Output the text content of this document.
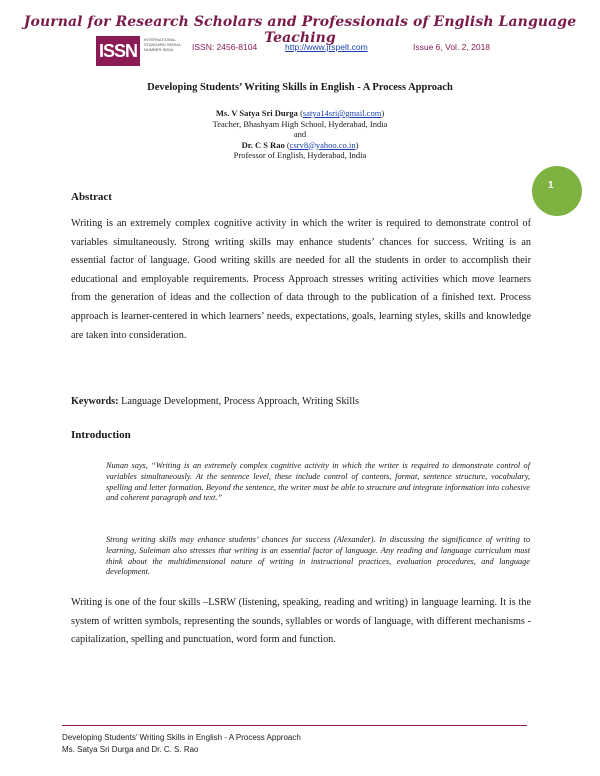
Journal for Research Scholars and Professionals of English Language Teaching
ISSN
INTERNATIONAL STANDARD SERIAL NUMBER INDIA	ISSN: 2456-8104	http://www.jrspelt.com	Issue 6, Vol. 2, 2018
Developing Students’ Writing Skills in English - A Process Approach
Ms. V Satya Sri Durga (satya14sri@gmail.com)
Teacher, Bhashyam High School, Hyderabad, India
and
Dr. C S Rao (csrv8@yahoo.co.in)
Professor of English, Hyderabad, India
Abstract
1
Writing is an extremely complex cognitive activity in which the writer is required to demonstrate control of variables simultaneously. Strong writing skills may enhance students’ chances for success. Writing is an essential factor of language. Good writing skills are needed for all the students in order to accomplish their educational and employable requirements. Process Approach stresses writing activities which move learners from the generation of ideas and the collection of data through to the publication of a finished text. Process approach is learner-centered in which learners’ needs, expectations, goals, learning styles, skills and knowledge are taken into consideration.
Keywords: Language Development, Process Approach, Writing Skills
Introduction
Nunan says, “Writing is an extremely complex cognitive activity in which the writer is required to demonstrate control of variables simultaneously. At the sentence level, these include control of contents, format, sentence structure, vocabulary, spelling and letter formation. Beyond the sentence, the writer must be able to structure and integrate information into cohesive and coherent paragraph and text.”
Strong writing skills may enhance students’ chances for success (Alexander). In discussing the significance of writing to learning, Suleiman also stresses that writing is an essential factor of language. Any reading and language curriculum must think about the multidimensional nature of writing in instructional practices, evaluation procedures, and language development.
Writing is one of the four skills –LSRW (listening, speaking, reading and writing) in language learning. It is the system of written symbols, representing the sounds, syllables or words of language, with different mechanisms - capitalization, spelling and punctuation, word form and function.
Developing Students’ Writing Skills in English - A Process Approach
Ms. Satya Sri Durga and Dr. C. S. Rao
